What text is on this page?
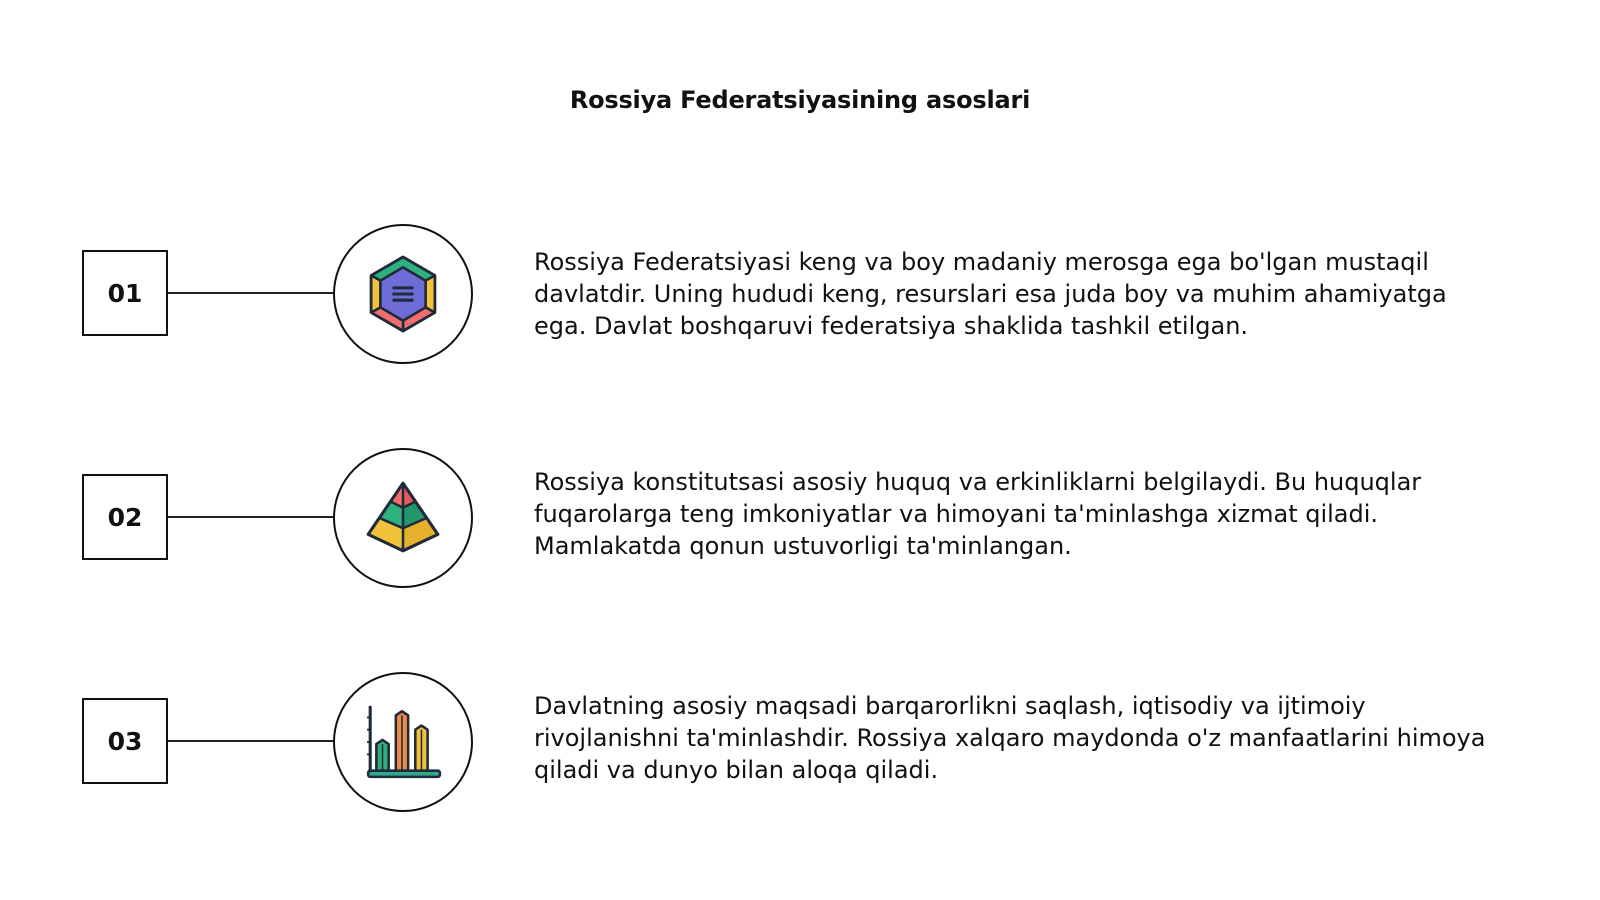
Rossiya Federatsiyasining asoslari
01

Rossiya Federatsiyasi keng va boy madaniy merosga ega bo'lgan mustaqil davlatdir. Uning hududi keng, resurslari esa juda boy va muhim ahamiyatga ega. Davlat boshqaruvi federatsiya shaklida tashkil etilgan.

02

Rossiya konstitutsasi asosiy huquq va erkinliklarni belgilaydi. Bu huquqlar fuqarolarga teng imkoniyatlar va himoyani ta'minlashga xizmat qiladi. Mamlakatda qonun ustuvorligi ta'minlangan.

03

Davlatning asosiy maqsadi barqarorlikni saqlash, iqtisodiy va ijtimoiy rivojlanishni ta'minlashdir. Rossiya xalqaro maydonda o'z manfaatlarini himoya qiladi va dunyo bilan aloqa qiladi.
